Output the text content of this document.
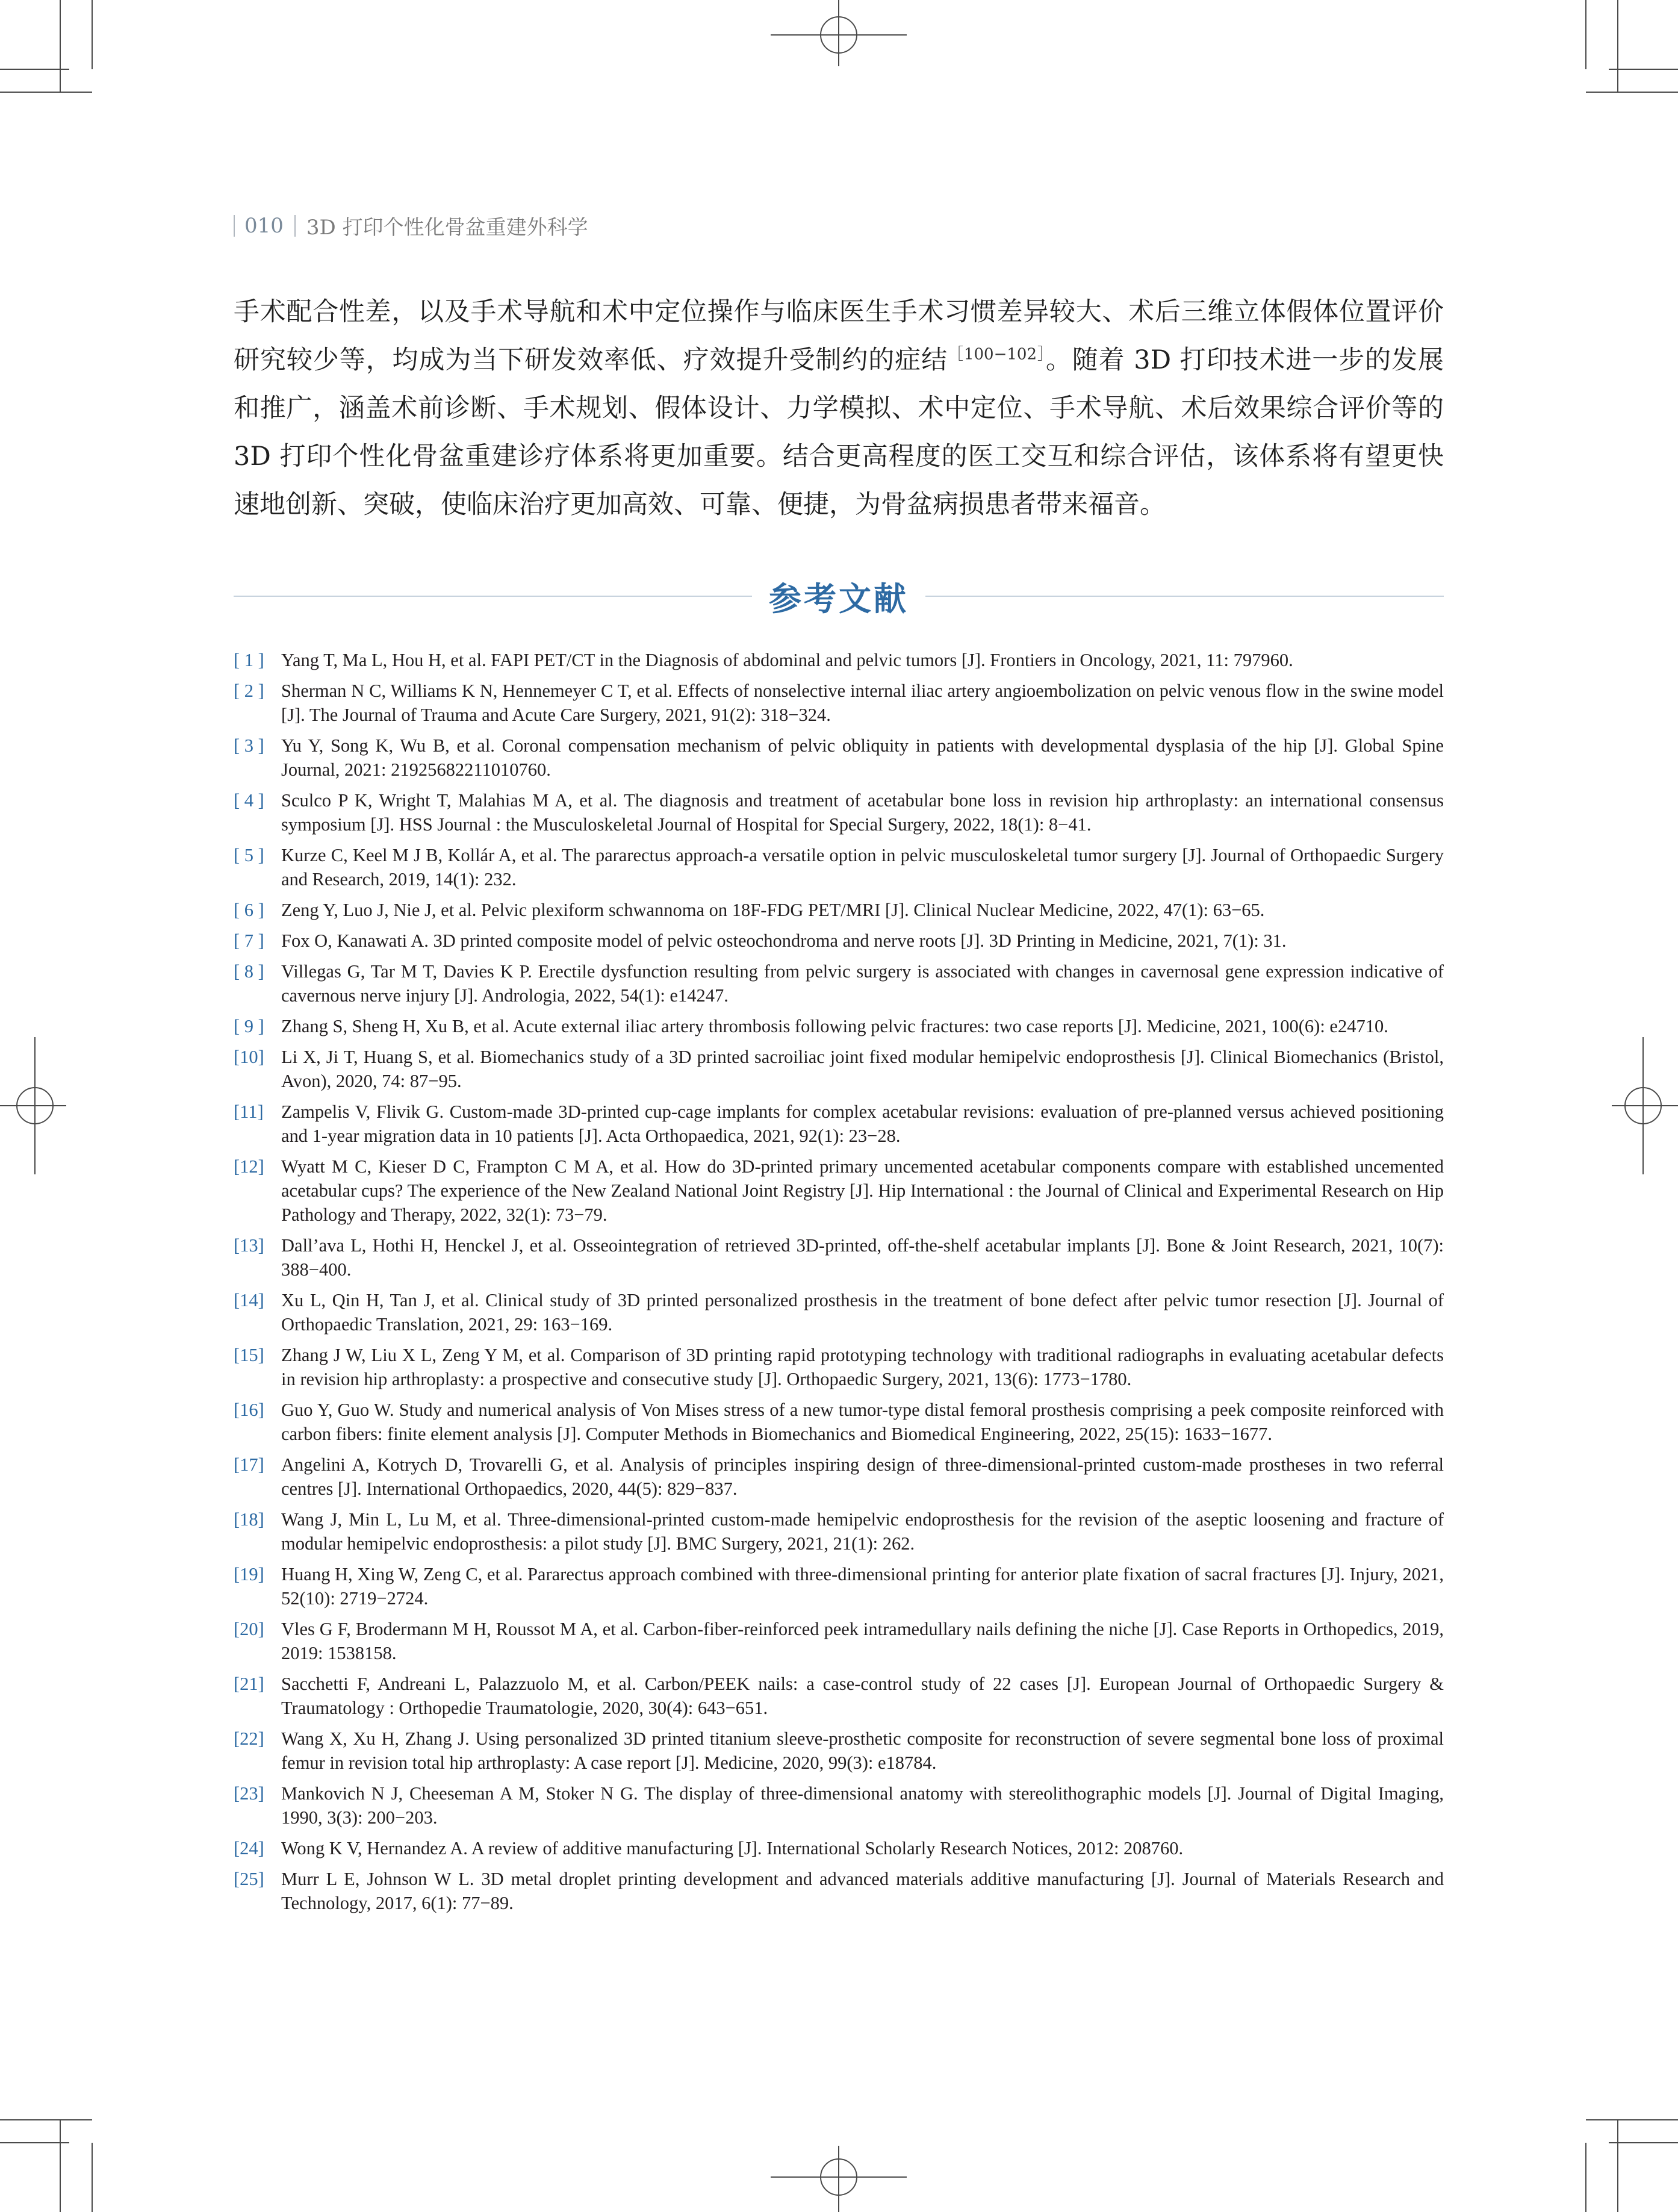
010 3D 打印个性化骨盆重建外科学

手术配合性差，以及手术导航和术中定位操作与临床医生手术习惯差异较大、术后三维立体假体位置评价研究较少等，均成为当下研发效率低、疗效提升受制约的症结$^{[100-102]}$。随着 3D 打印技术进一步的发展和推广，涵盖术前诊断、手术规划、假体设计、力学模拟、术中定位、手术导航、术后效果综合评价等的 3D 打印个性化骨盆重建诊疗体系将更加重要。结合更高程度的医工交互和综合评估，该体系将有望更快速地创新、突破，使临床治疗更加高效、可靠、便捷，为骨盆病损患者带来福音。

参考文献
[ 1 ] Yang T, Ma L, Hou H, et al. FAPI PET/CT in the Diagnosis of abdominal and pelvic tumors [J]. Frontiers in Oncology, 2021, 11: 797960.
[ 2 ] Sherman N C, Williams K N, Hennemeyer C T, et al. Effects of nonselective internal iliac artery angioembolization on pelvic venous flow in the swine model [J]. The Journal of Trauma and Acute Care Surgery, 2021, 91(2): 318−324.
[ 3 ] Yu Y, Song K, Wu B, et al. Coronal compensation mechanism of pelvic obliquity in patients with developmental dysplasia of the hip [J]. Global Spine Journal, 2021: 21925682211010760.
[ 4 ] Sculco P K, Wright T, Malahias M A, et al. The diagnosis and treatment of acetabular bone loss in revision hip arthroplasty: an international consensus symposium [J]. HSS Journal : the Musculoskeletal Journal of Hospital for Special Surgery, 2022, 18(1): 8−41.
[ 5 ] Kurze C, Keel M J B, Kollár A, et al. The pararectus approach-a versatile option in pelvic musculoskeletal tumor surgery [J]. Journal of Orthopaedic Surgery and Research, 2019, 14(1): 232.
[ 6 ] Zeng Y, Luo J, Nie J, et al. Pelvic plexiform schwannoma on 18F-FDG PET/MRI [J]. Clinical Nuclear Medicine, 2022, 47(1): 63−65.
[ 7 ] Fox O, Kanawati A. 3D printed composite model of pelvic osteochondroma and nerve roots [J]. 3D Printing in Medicine, 2021, 7(1): 31.
[ 8 ] Villegas G, Tar M T, Davies K P. Erectile dysfunction resulting from pelvic surgery is associated with changes in cavernosal gene expression indicative of cavernous nerve injury [J]. Andrologia, 2022, 54(1): e14247.
[ 9 ] Zhang S, Sheng H, Xu B, et al. Acute external iliac artery thrombosis following pelvic fractures: two case reports [J]. Medicine, 2021, 100(6): e24710.
[10] Li X, Ji T, Huang S, et al. Biomechanics study of a 3D printed sacroiliac joint fixed modular hemipelvic endoprosthesis [J]. Clinical Biomechanics (Bristol, Avon), 2020, 74: 87−95.
[11] Zampelis V, Flivik G. Custom-made 3D-printed cup-cage implants for complex acetabular revisions: evaluation of pre-planned versus achieved positioning and 1-year migration data in 10 patients [J]. Acta Orthopaedica, 2021, 92(1): 23−28.
[12] Wyatt M C, Kieser D C, Frampton C M A, et al. How do 3D-printed primary uncemented acetabular components compare with established uncemented acetabular cups? The experience of the New Zealand National Joint Registry [J]. Hip International : the Journal of Clinical and Experimental Research on Hip Pathology and Therapy, 2022, 32(1): 73−79.
[13] Dall’ava L, Hothi H, Henckel J, et al. Osseointegration of retrieved 3D-printed, off-the-shelf acetabular implants [J]. Bone & Joint Research, 2021, 10(7): 388−400.
[14] Xu L, Qin H, Tan J, et al. Clinical study of 3D printed personalized prosthesis in the treatment of bone defect after pelvic tumor resection [J]. Journal of Orthopaedic Translation, 2021, 29: 163−169.
[15] Zhang J W, Liu X L, Zeng Y M, et al. Comparison of 3D printing rapid prototyping technology with traditional radiographs in evaluating acetabular defects in revision hip arthroplasty: a prospective and consecutive study [J]. Orthopaedic Surgery, 2021, 13(6): 1773−1780.
[16] Guo Y, Guo W. Study and numerical analysis of Von Mises stress of a new tumor-type distal femoral prosthesis comprising a peek composite reinforced with carbon fibers: finite element analysis [J]. Computer Methods in Biomechanics and Biomedical Engineering, 2022, 25(15): 1633−1677.
[17] Angelini A, Kotrych D, Trovarelli G, et al. Analysis of principles inspiring design of three-dimensional-printed custom-made prostheses in two referral centres [J]. International Orthopaedics, 2020, 44(5): 829−837.
[18] Wang J, Min L, Lu M, et al. Three-dimensional-printed custom-made hemipelvic endoprosthesis for the revision of the aseptic loosening and fracture of modular hemipelvic endoprosthesis: a pilot study [J]. BMC Surgery, 2021, 21(1): 262.
[19] Huang H, Xing W, Zeng C, et al. Pararectus approach combined with three-dimensional printing for anterior plate fixation of sacral fractures [J]. Injury, 2021, 52(10): 2719−2724.
[20] Vles G F, Brodermann M H, Roussot M A, et al. Carbon-fiber-reinforced peek intramedullary nails defining the niche [J]. Case Reports in Orthopedics, 2019, 2019: 1538158.
[21] Sacchetti F, Andreani L, Palazzuolo M, et al. Carbon/PEEK nails: a case-control study of 22 cases [J]. European Journal of Orthopaedic Surgery & Traumatology : Orthopedie Traumatologie, 2020, 30(4): 643−651.
[22] Wang X, Xu H, Zhang J. Using personalized 3D printed titanium sleeve-prosthetic composite for reconstruction of severe segmental bone loss of proximal femur in revision total hip arthroplasty: A case report [J]. Medicine, 2020, 99(3): e18784.
[23] Mankovich N J, Cheeseman A M, Stoker N G. The display of three-dimensional anatomy with stereolithographic models [J]. Journal of Digital Imaging, 1990, 3(3): 200−203.
[24] Wong K V, Hernandez A. A review of additive manufacturing [J]. International Scholarly Research Notices, 2012: 208760.
[25] Murr L E, Johnson W L. 3D metal droplet printing development and advanced materials additive manufacturing [J]. Journal of Materials Research and Technology, 2017, 6(1): 77−89.
